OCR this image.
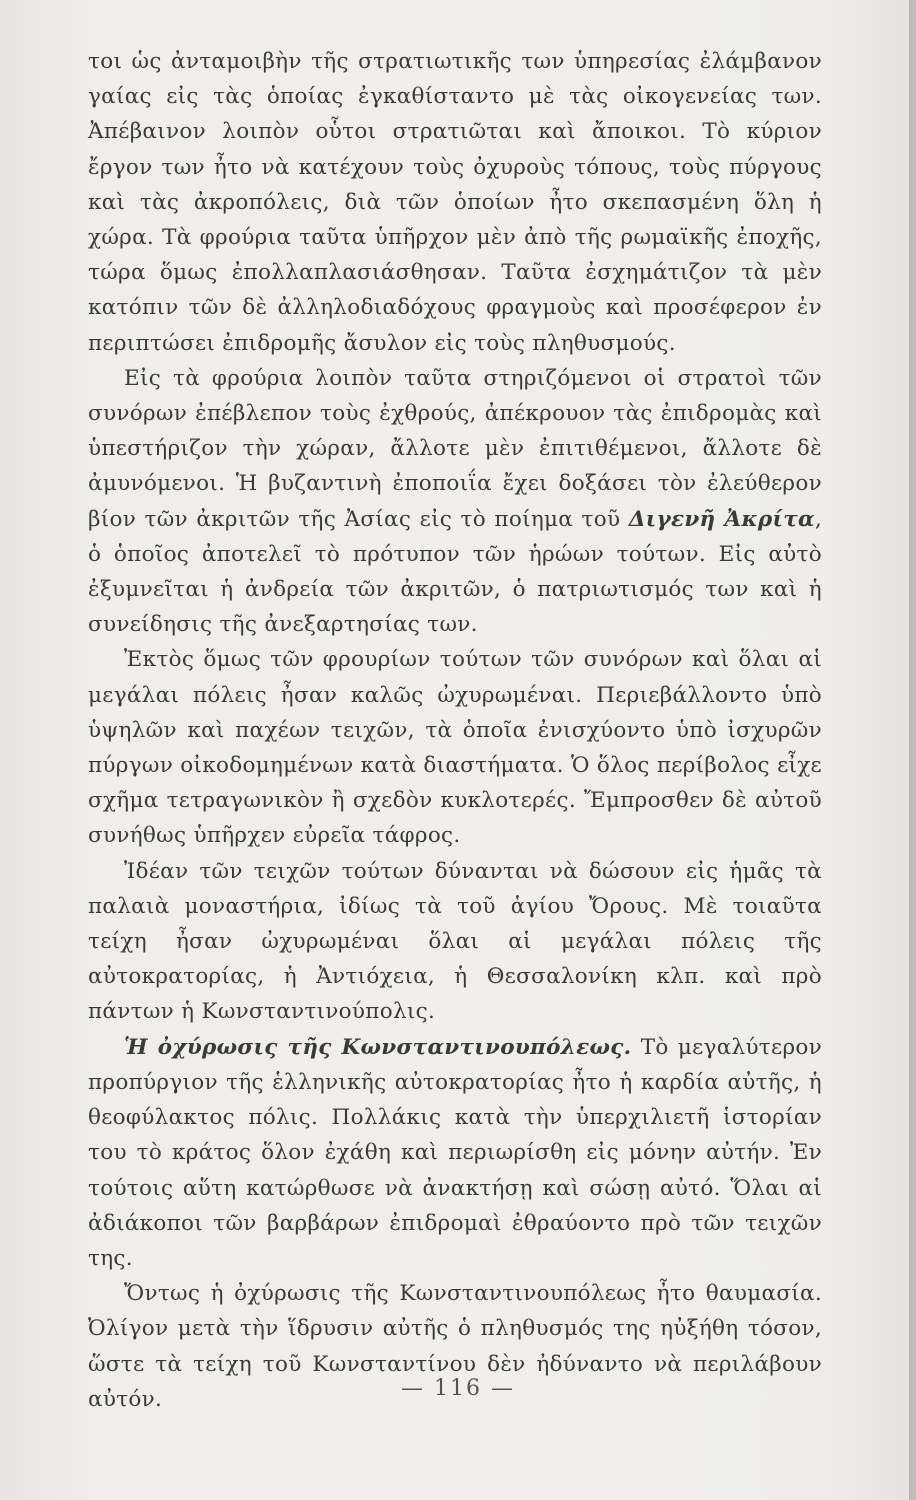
τοι ὡς ἀνταμοιβὴν τῆς στρατιωτικῆς των ὑπηρεσίας ἐλάμβανον γαίας εἰς τὰς ὁποίας ἐγκαθίσταντο μὲ τὰς οἰκογενείας των. Ἀπέβαινον λοιπὸν οὗτοι στρατιῶται καὶ ἄποικοι. Τὸ κύριον ἔργον των ἦτο νὰ κατέχουν τοὺς ὀχυροὺς τόπους, τοὺς πύργους καὶ τὰς ἀκροπόλεις, διὰ τῶν ὁποίων ἦτο σκεπασμένη ὅλη ἡ χώρα. Τὰ φρούρια ταῦτα ὑπῆρχον μὲν ἀπὸ τῆς ρωμαϊκῆς ἐποχῆς, τώρα ὅμως ἐπολλαπλασιάσθησαν. Ταῦτα ἐσχημάτιζον τὰ μὲν κατόπιν τῶν δὲ ἀλληλοδιαδόχους φραγμοὺς καὶ προσέφερον ἐν περιπτώσει ἐπιδρομῆς ἄσυλον εἰς τοὺς πληθυσμούς.

Εἰς τὰ φρούρια λοιπὸν ταῦτα στηριζόμενοι οἱ στρατοὶ τῶν συνόρων ἐπέβλεπον τοὺς ἐχθρούς, ἀπέκρουον τὰς ἐπιδρομὰς καὶ ὑπεστήριζον τὴν χώραν, ἄλλοτε μὲν ἐπιτιθέμενοι, ἄλλοτε δὲ ἀμυνόμενοι. Ἡ βυζαντινὴ ἐποποιΐα ἔχει δοξάσει τὸν ἐλεύθερον βίον τῶν ἀκριτῶν τῆς Ἀσίας εἰς τὸ ποίημα τοῦ Διγενῆ Ἀκρίτα, ὁ ὁποῖος ἀποτελεῖ τὸ πρότυπον τῶν ἡρώων τούτων. Εἰς αὐτὸ ἐξυμνεῖται ἡ ἀνδρεία τῶν ἀκριτῶν, ὁ πατριωτισμός των καὶ ἡ συνείδησις τῆς ἀνεξαρτησίας των.

Ἐκτὸς ὅμως τῶν φρουρίων τούτων τῶν συνόρων καὶ ὅλαι αἱ μεγάλαι πόλεις ἦσαν καλῶς ὠχυρωμέναι. Περιεβάλλοντο ὑπὸ ὑψηλῶν καὶ παχέων τειχῶν, τὰ ὁποῖα ἐνισχύοντο ὑπὸ ἰσχυρῶν πύργων οἰκοδομημένων κατὰ διαστήματα. Ὁ ὅλος περίβολος εἶχε σχῆμα τετραγωνικὸν ἢ σχεδὸν κυκλοτερές. Ἔμπροσθεν δὲ αὐτοῦ συνήθως ὑπῆρχεν εὐρεῖα τάφρος.

Ἰδέαν τῶν τειχῶν τούτων δύνανται νὰ δώσουν εἰς ἡμᾶς τὰ παλαιὰ μοναστήρια, ἰδίως τὰ τοῦ ἁγίου Ὄρους. Μὲ τοιαῦτα τείχη ἦσαν ὠχυρωμέναι ὅλαι αἱ μεγάλαι πόλεις τῆς αὐτοκρατορίας, ἡ Ἀντιόχεια, ἡ Θεσσαλονίκη κλπ. καὶ πρὸ πάντων ἡ Κωνσταντινούπολις.

Ἡ ὀχύρωσις τῆς Κωνσταντινουπόλεως. Τὸ μεγαλύτερον προπύργιον τῆς ἑλληνικῆς αὐτοκρατορίας ἦτο ἡ καρδία αὐτῆς, ἡ θεοφύλακτος πόλις. Πολλάκις κατὰ τὴν ὑπερχιλιετῆ ἱστορίαν του τὸ κράτος ὅλον ἐχάθη καὶ περιωρίσθη εἰς μόνην αὐτήν. Ἐν τούτοις αὕτη κατώρθωσε νὰ ἀνακτήσῃ καὶ σώσῃ αὐτό. Ὅλαι αἱ ἀδιάκοποι τῶν βαρβάρων ἐπιδρομαὶ ἐθραύοντο πρὸ τῶν τειχῶν της.

Ὄντως ἡ ὀχύρωσις τῆς Κωνσταντινουπόλεως ἦτο θαυμασία. Ὀλίγον μετὰ τὴν ἵδρυσιν αὐτῆς ὁ πληθυσμός της ηὐξήθη τόσον, ὥστε τὰ τείχη τοῦ Κωνσταντίνου δὲν ἠδύναντο νὰ περιλάβουν αὐτόν.	— 116 —
